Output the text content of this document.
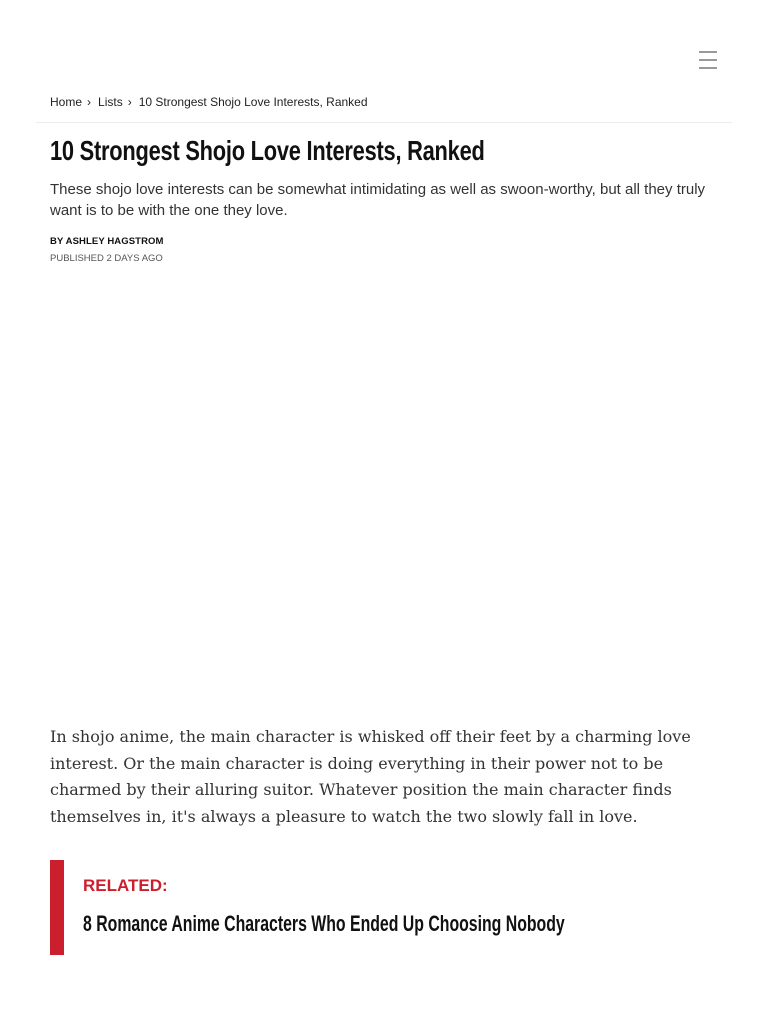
Home › Lists › 10 Strongest Shojo Love Interests, Ranked
10 Strongest Shojo Love Interests, Ranked

These shojo love interests can be somewhat intimidating as well as swoon-worthy, but all they truly want is to be with the one they love.

BY ASHLEY HAGSTROM
PUBLISHED 2 DAYS AGO

In shojo anime, the main character is whisked off their feet by a charming love interest. Or the main character is doing everything in their power not to be charmed by their alluring suitor. Whatever position the main character finds themselves in, it's always a pleasure to watch the two slowly fall in love.

RELATED:
8 Romance Anime Characters Who Ended Up Choosing Nobody
